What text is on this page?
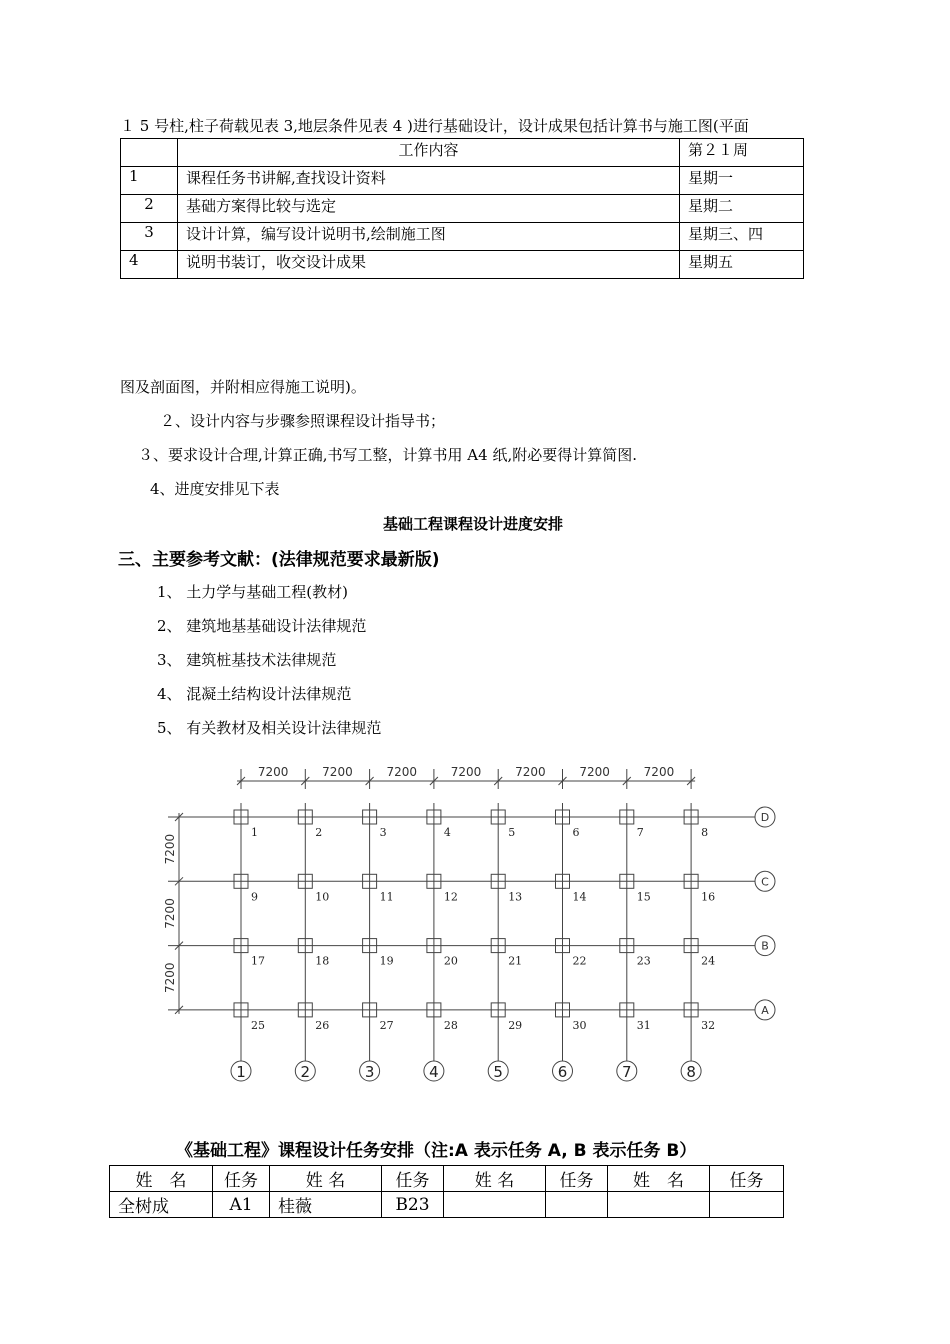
１ 5 号柱,柱子荷载见表 3,地层条件见表 4 )进行基础设计，设计成果包括计算书与施工图(平面
	工作内容	第２１周
1	课程任务书讲解,查找设计资料	星期一
2	基础方案得比较与选定	星期二
3	设计计算，编写设计说明书,绘制施工图	星期三、四
4	说明书装订，收交设计成果	星期五
图及剖面图，并附相应得施工说明)。
２、设计内容与步骤参照课程设计指导书；
３、要求设计合理,计算正确,书写工整，计算书用 A4 纸,附必要得计算简图.
4、进度安排见下表
基础工程课程设计进度安排
三、主要参考文献：(法律规范要求最新版)
1、 土力学与基础工程(教材)
2、 建筑地基基础设计法律规范
3、 建筑桩基技术法律规范
4、 混凝土结构设计法律规范
5、 有关教材及相关设计法律规范
7200	7200	7200	7200	7200	7200	7200
7200
7200
7200
D
C
B
A
1	2	3	4	5	6	7	8
1	2	3	4	5	6	7	8
9	10	11	12	13	14	15	16
17	18	19	20	21	22	23	24
25	26	27	28	29	30	31	32
《基础工程》课程设计任务安排（注:A 表示任务 A, B 表示任务 B）
姓　名	任务	姓 名	任务	姓 名	任务	姓　名	任务
全树成	A1	桂薇	B23				
